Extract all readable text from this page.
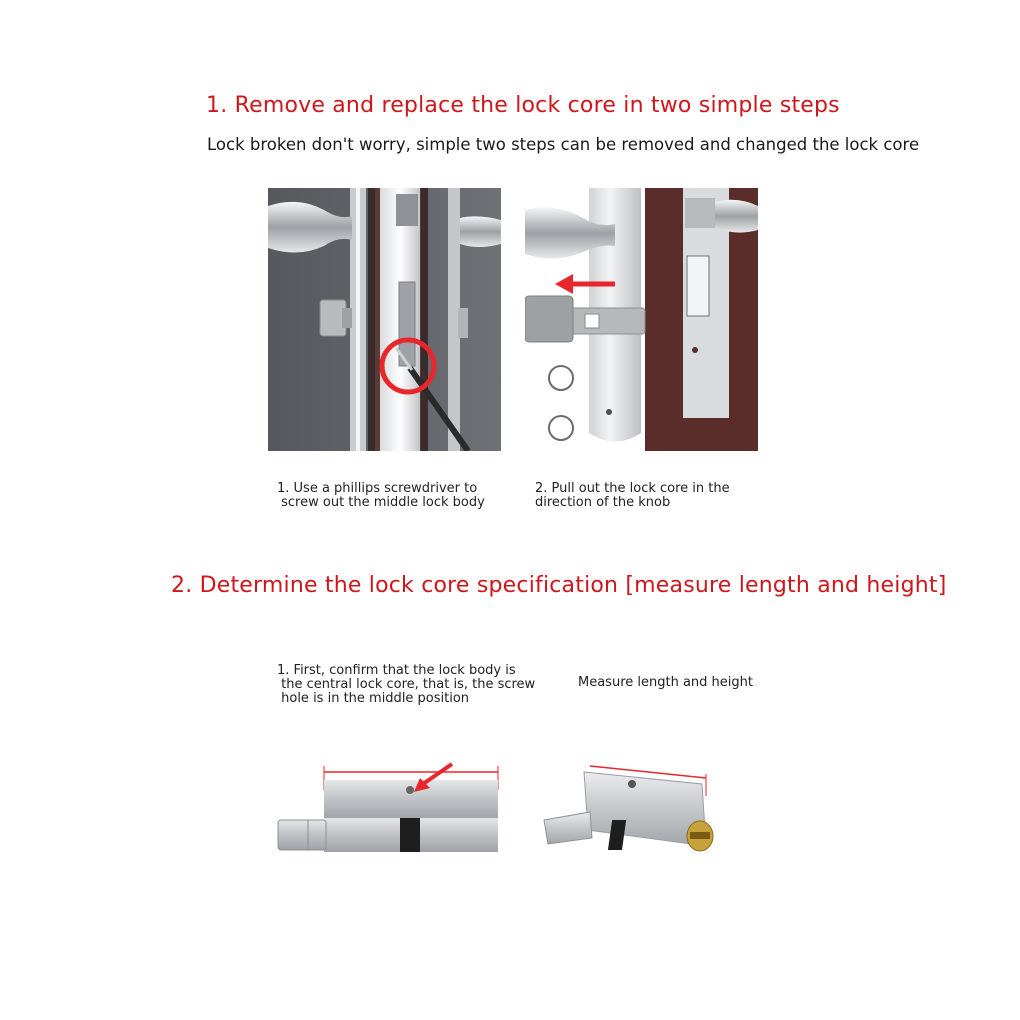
1. Remove and replace the lock core in two simple steps
Lock broken don't worry, simple two steps can be removed and changed the lock core
1. Use a phillips screwdriver to
screw out the middle lock body
2. Pull out the lock core in the
direction of the knob
2. Determine the lock core specification [measure length and height]
1. First, confirm that the lock body is
the central lock core, that is, the screw
hole is in the middle position
Measure length and height
